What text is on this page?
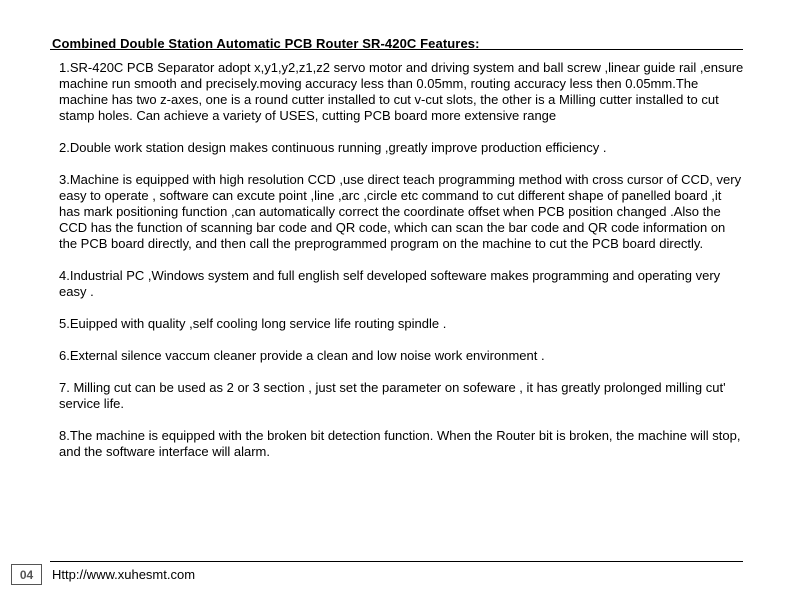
Combined Double Station Automatic PCB Router SR-420C Features:

1.SR-420C PCB Separator adopt x,y1,y2,z1,z2 servo motor and driving system and ball screw ,linear guide rail ,ensure machine run smooth and precisely.moving accuracy less than 0.05mm, routing accuracy less then 0.05mm.The machine has two z-axes, one is a round cutter installed to cut v-cut slots, the other is a Milling cutter installed to cut stamp holes. Can achieve a variety of USES, cutting PCB board more extensive range

2.Double work station design makes continuous running ,greatly improve production efficiency .

3.Machine is equipped with high resolution CCD ,use direct teach programming method with cross cursor of CCD, very easy to operate , software can excute point ,line ,arc ,circle etc command to cut different shape of panelled board ,it has mark positioning function ,can automatically correct the coordinate offset when PCB position changed .Also the CCD has the function of scanning bar code and QR code, which can scan the bar code and QR code information on the PCB board directly, and then call the preprogrammed program on the machine to cut the PCB board directly.

4.Industrial PC ,Windows system and full english self developed softeware makes programming and operating very easy .

5.Euipped with quality ,self cooling long service life routing spindle .

6.External silence vaccum cleaner provide a clean and low noise work environment .

7. Milling cut can be used as 2 or 3 section , just set the parameter on sofeware , it has greatly prolonged milling cut' service life.

8.The machine is equipped with the broken bit detection function. When the Router bit is broken, the machine will stop, and the software interface will alarm.

04	Http://www.xuhesmt.com
